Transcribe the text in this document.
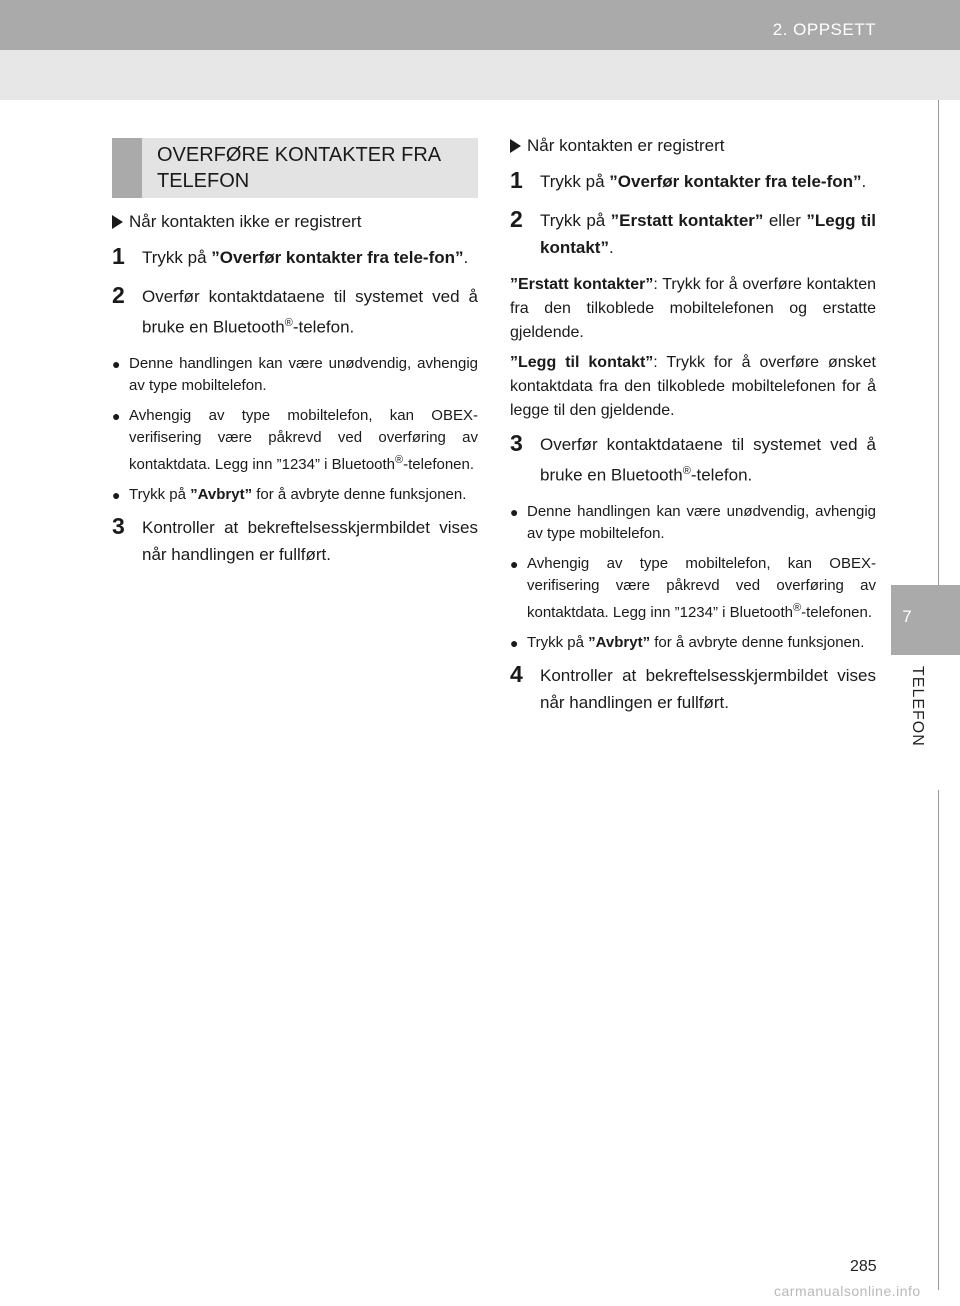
2. OPPSETT
7
TELEFON
OVERFØRE KONTAKTER FRA TELEFON
Når kontakten ikke er registrert
1	Trykk på ”Overfør kontakter fra tele-fon”.
2	Overfør kontaktdataene til systemet ved å bruke en Bluetooth®-telefon.
● Denne handlingen kan være unødvendig, avhengig av type mobiltelefon.
● Avhengig av type mobiltelefon, kan OBEX-verifisering være påkrevd ved overføring av kontaktdata. Legg inn ”1234” i Bluetooth®-telefonen.
● Trykk på ”Avbryt” for å avbryte denne funksjonen.
3	Kontroller at bekreftelsesskjermbildet vises når handlingen er fullført.
Når kontakten er registrert
1	Trykk på ”Overfør kontakter fra tele-fon”.
2	Trykk på ”Erstatt kontakter” eller ”Legg til kontakt”.
”Erstatt kontakter”: Trykk for å overføre kontakten fra den tilkoblede mobiltelefonen og erstatte gjeldende.
”Legg til kontakt”: Trykk for å overføre ønsket kontaktdata fra den tilkoblede mobiltelefonen for å legge til den gjeldende.
3	Overfør kontaktdataene til systemet ved å bruke en Bluetooth®-telefon.
● Denne handlingen kan være unødvendig, avhengig av type mobiltelefon.
● Avhengig av type mobiltelefon, kan OBEX-verifisering være påkrevd ved overføring av kontaktdata. Legg inn ”1234” i Bluetooth®-telefonen.
● Trykk på ”Avbryt” for å avbryte denne funksjonen.
4	Kontroller at bekreftelsesskjermbildet vises når handlingen er fullført.
285
carmanualsonline.info
